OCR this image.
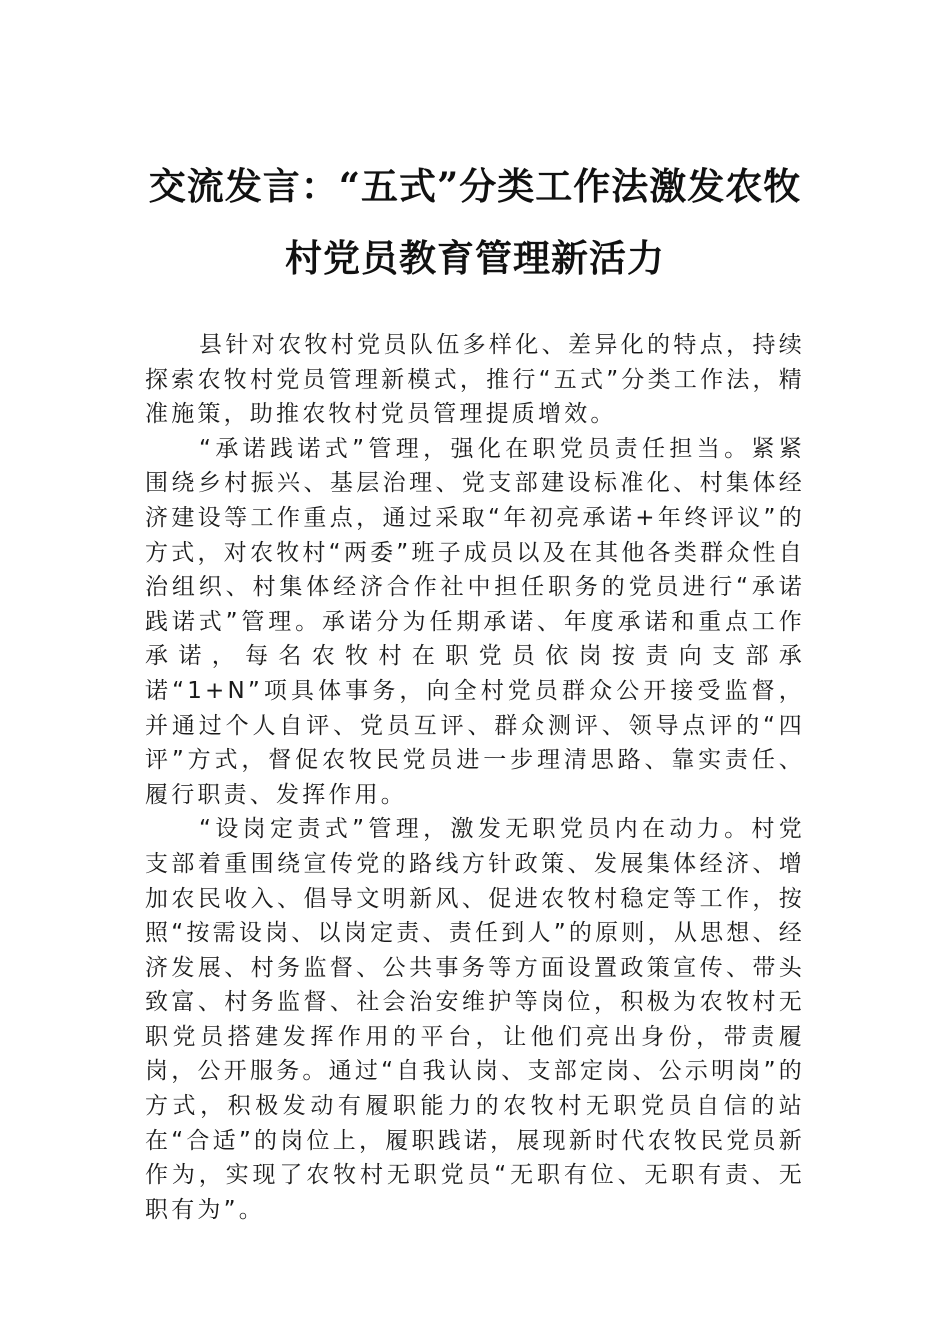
交流发言：“五式”分类工作法激发农牧
村党员教育管理新活力

县针对农牧村党员队伍多样化、差异化的特点，持续探索农牧村党员管理新模式，推行“五式”分类工作法，精准施策，助推农牧村党员管理提质增效。

“承诺践诺式”管理，强化在职党员责任担当。紧紧围绕乡村振兴、基层治理、党支部建设标准化、村集体经济建设等工作重点，通过采取“年初亮承诺+年终评议”的方式，对农牧村“两委”班子成员以及在其他各类群众性自治组织、村集体经济合作社中担任职务的党员进行“承诺践诺式”管理。承诺分为任期承诺、年度承诺和重点工作承诺，每名农牧村在职党员依岗按责向支部承诺“1+N”项具体事务，向全村党员群众公开接受监督，并通过个人自评、党员互评、群众测评、领导点评的“四评”方式，督促农牧民党员进一步理清思路、靠实责任、履行职责、发挥作用。

“设岗定责式”管理，激发无职党员内在动力。村党支部着重围绕宣传党的路线方针政策、发展集体经济、增加农民收入、倡导文明新风、促进农牧村稳定等工作，按照“按需设岗、以岗定责、责任到人”的原则，从思想、经济发展、村务监督、公共事务等方面设置政策宣传、带头致富、村务监督、社会治安维护等岗位，积极为农牧村无职党员搭建发挥作用的平台，让他们亮出身份，带责履岗，公开服务。通过“自我认岗、支部定岗、公示明岗”的方式，积极发动有履职能力的农牧村无职党员自信的站在“合适”的岗位上，履职践诺，展现新时代农牧民党员新作为，实现了农牧村无职党员“无职有位、无职有责、无职有为”。
